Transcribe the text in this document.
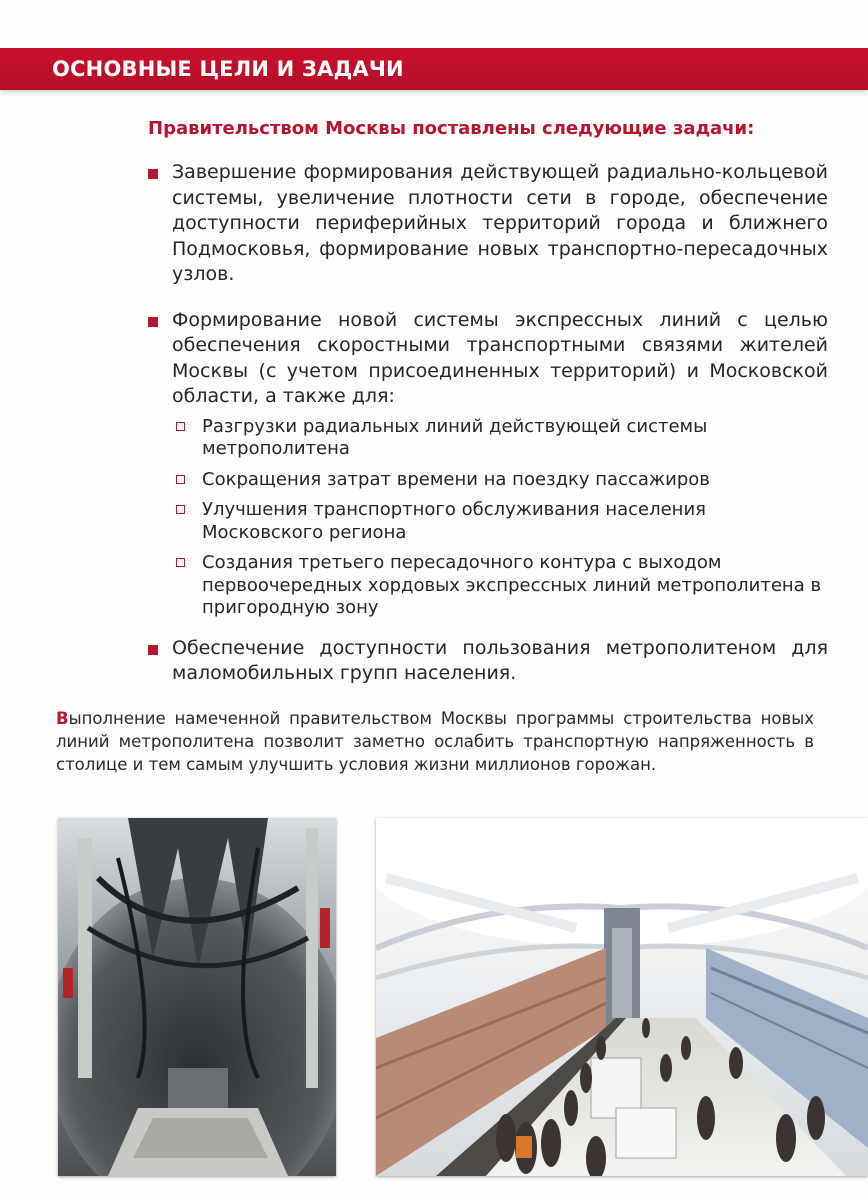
ОСНОВНЫЕ ЦЕЛИ И ЗАДАЧИ
Правительством Москвы поставлены следующие задачи:
Завершение формирования действующей радиально-кольцевой системы, увеличение плотности сети в городе, обеспечение доступности периферийных территорий города и ближнего Подмосковья, формирование новых транспортно-пересадочных узлов.
Формирование новой системы экспрессных линий с целью обеспечения скоростными транспортными связями жителей Москвы (с учетом присоединенных территорий) и Московской области, а также для:
Разгрузки радиальных линий действующей системы метрополитена
Сокращения затрат времени на поездку пассажиров
Улучшения транспортного обслуживания населения Московского региона
Создания третьего пересадочного контура с выходом первоочередных хордовых экспрессных линий метрополитена в пригородную зону
Обеспечение доступности пользования метрополитеном для маломобильных групп населения.
Выполнение намеченной правительством Москвы программы строительства новых линий метрополитена позволит заметно ослабить транспортную напряженность в столице и тем самым улучшить условия жизни миллионов горожан.
